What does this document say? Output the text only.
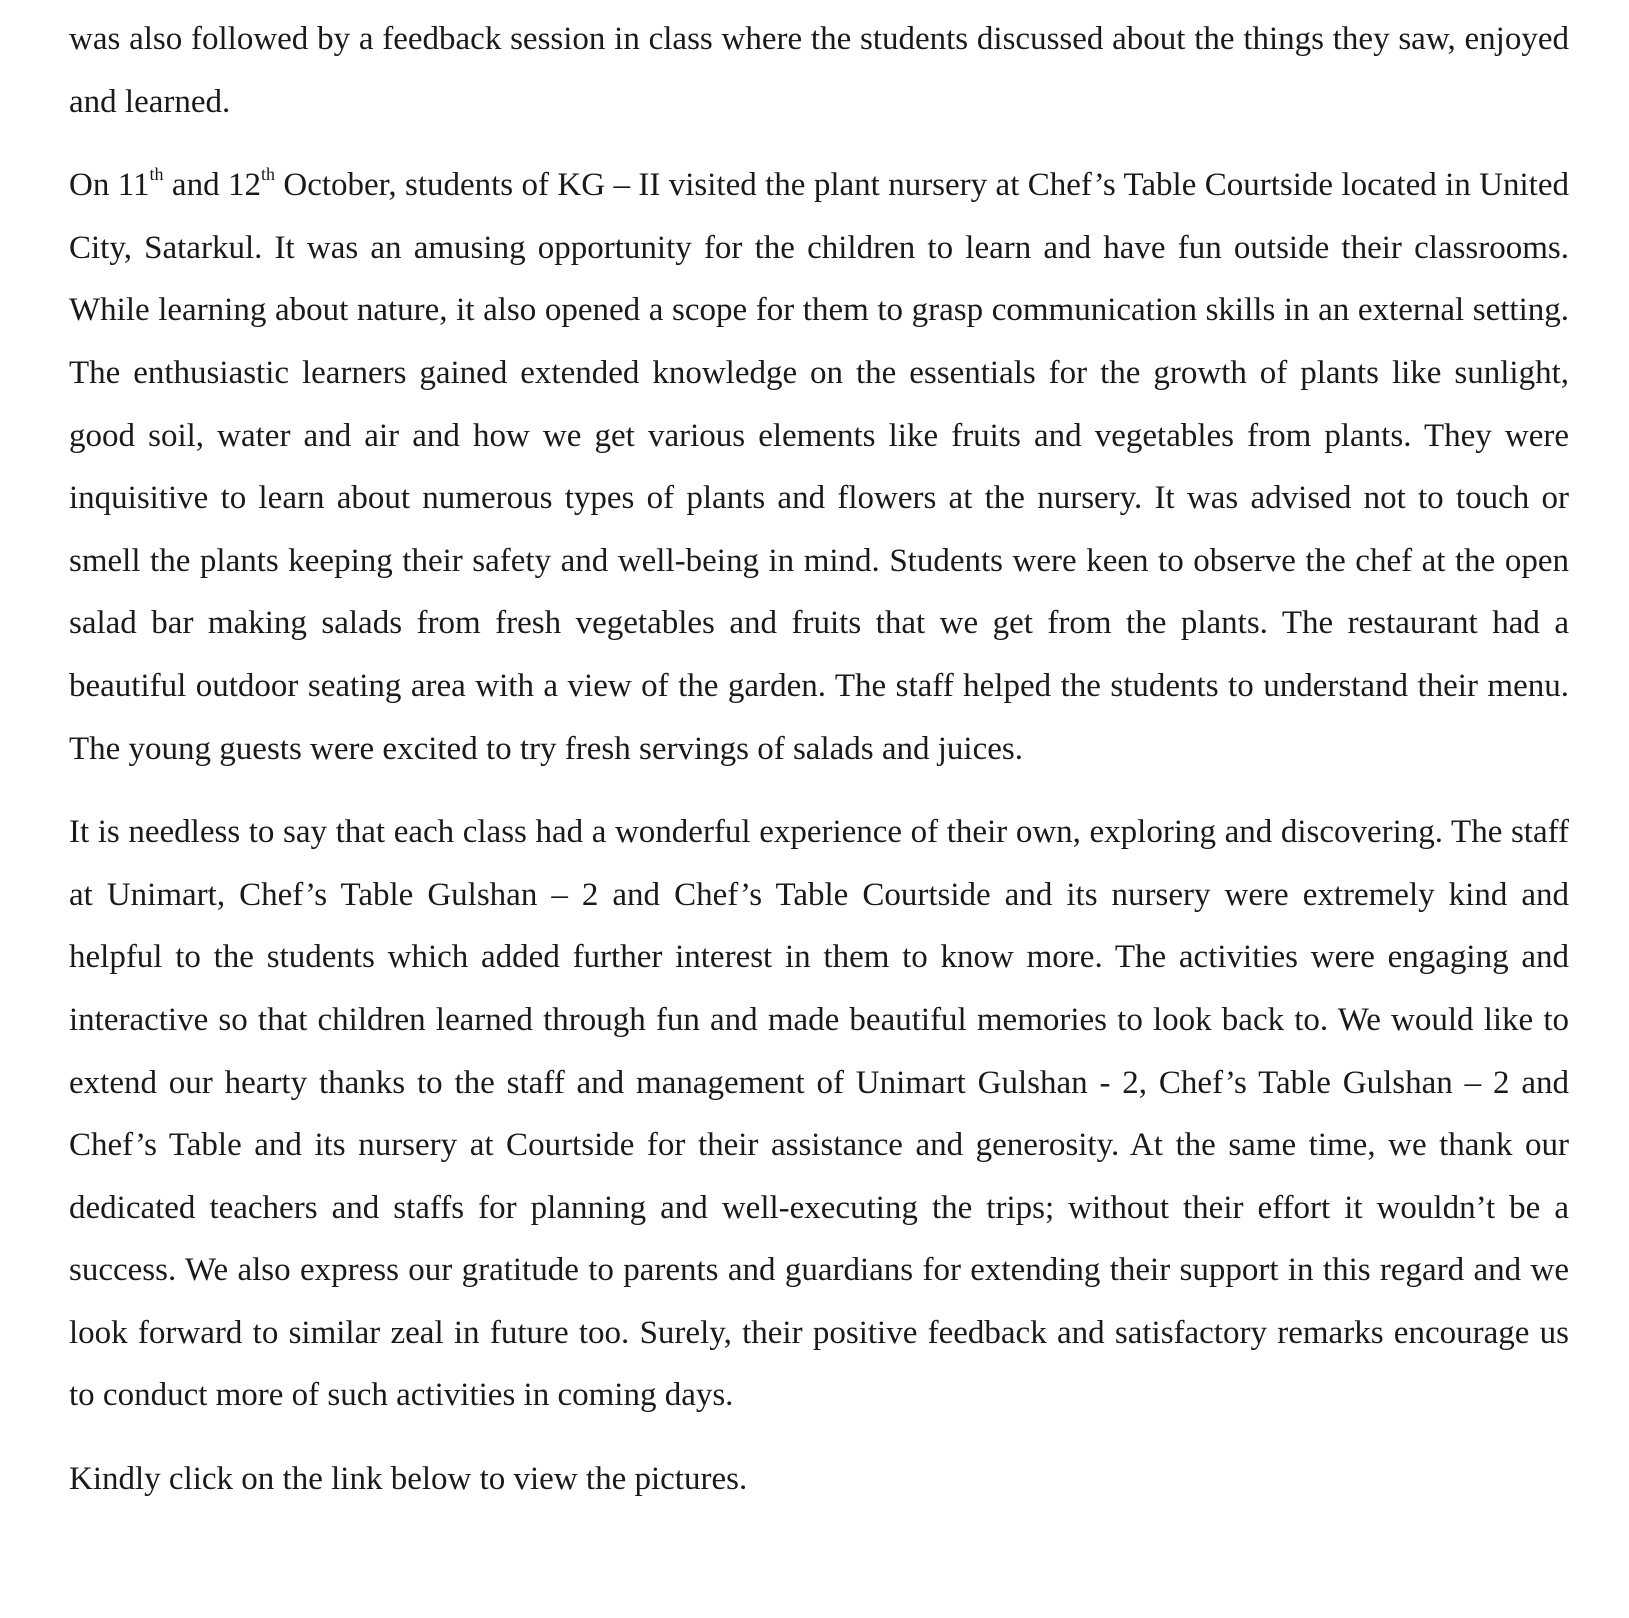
was also followed by a feedback session in class where the students discussed about the things they saw, enjoyed and learned.

On 11th and 12th October, students of KG – II visited the plant nursery at Chef’s Table Courtside located in United City, Satarkul. It was an amusing opportunity for the children to learn and have fun outside their classrooms. While learning about nature, it also opened a scope for them to grasp communication skills in an external setting. The enthusiastic learners gained extended knowledge on the essentials for the growth of plants like sunlight, good soil, water and air and how we get various elements like fruits and vegetables from plants. They were inquisitive to learn about numerous types of plants and flowers at the nursery. It was advised not to touch or smell the plants keeping their safety and well-being in mind. Students were keen to observe the chef at the open salad bar making salads from fresh vegetables and fruits that we get from the plants. The restaurant had a beautiful outdoor seating area with a view of the garden. The staff helped the students to understand their menu. The young guests were excited to try fresh servings of salads and juices.

It is needless to say that each class had a wonderful experience of their own, exploring and discovering. The staff at Unimart, Chef’s Table Gulshan – 2 and Chef’s Table Courtside and its nursery were extremely kind and helpful to the students which added further interest in them to know more. The activities were engaging and interactive so that children learned through fun and made beautiful memories to look back to. We would like to extend our hearty thanks to the staff and management of Unimart Gulshan - 2, Chef’s Table Gulshan – 2 and Chef’s Table and its nursery at Courtside for their assistance and generosity. At the same time, we thank our dedicated teachers and staffs for planning and well-executing the trips; without their effort it wouldn’t be a success. We also express our gratitude to parents and guardians for extending their support in this regard and we look forward to similar zeal in future too. Surely, their positive feedback and satisfactory remarks encourage us to conduct more of such activities in coming days.

Kindly click on the link below to view the pictures.
